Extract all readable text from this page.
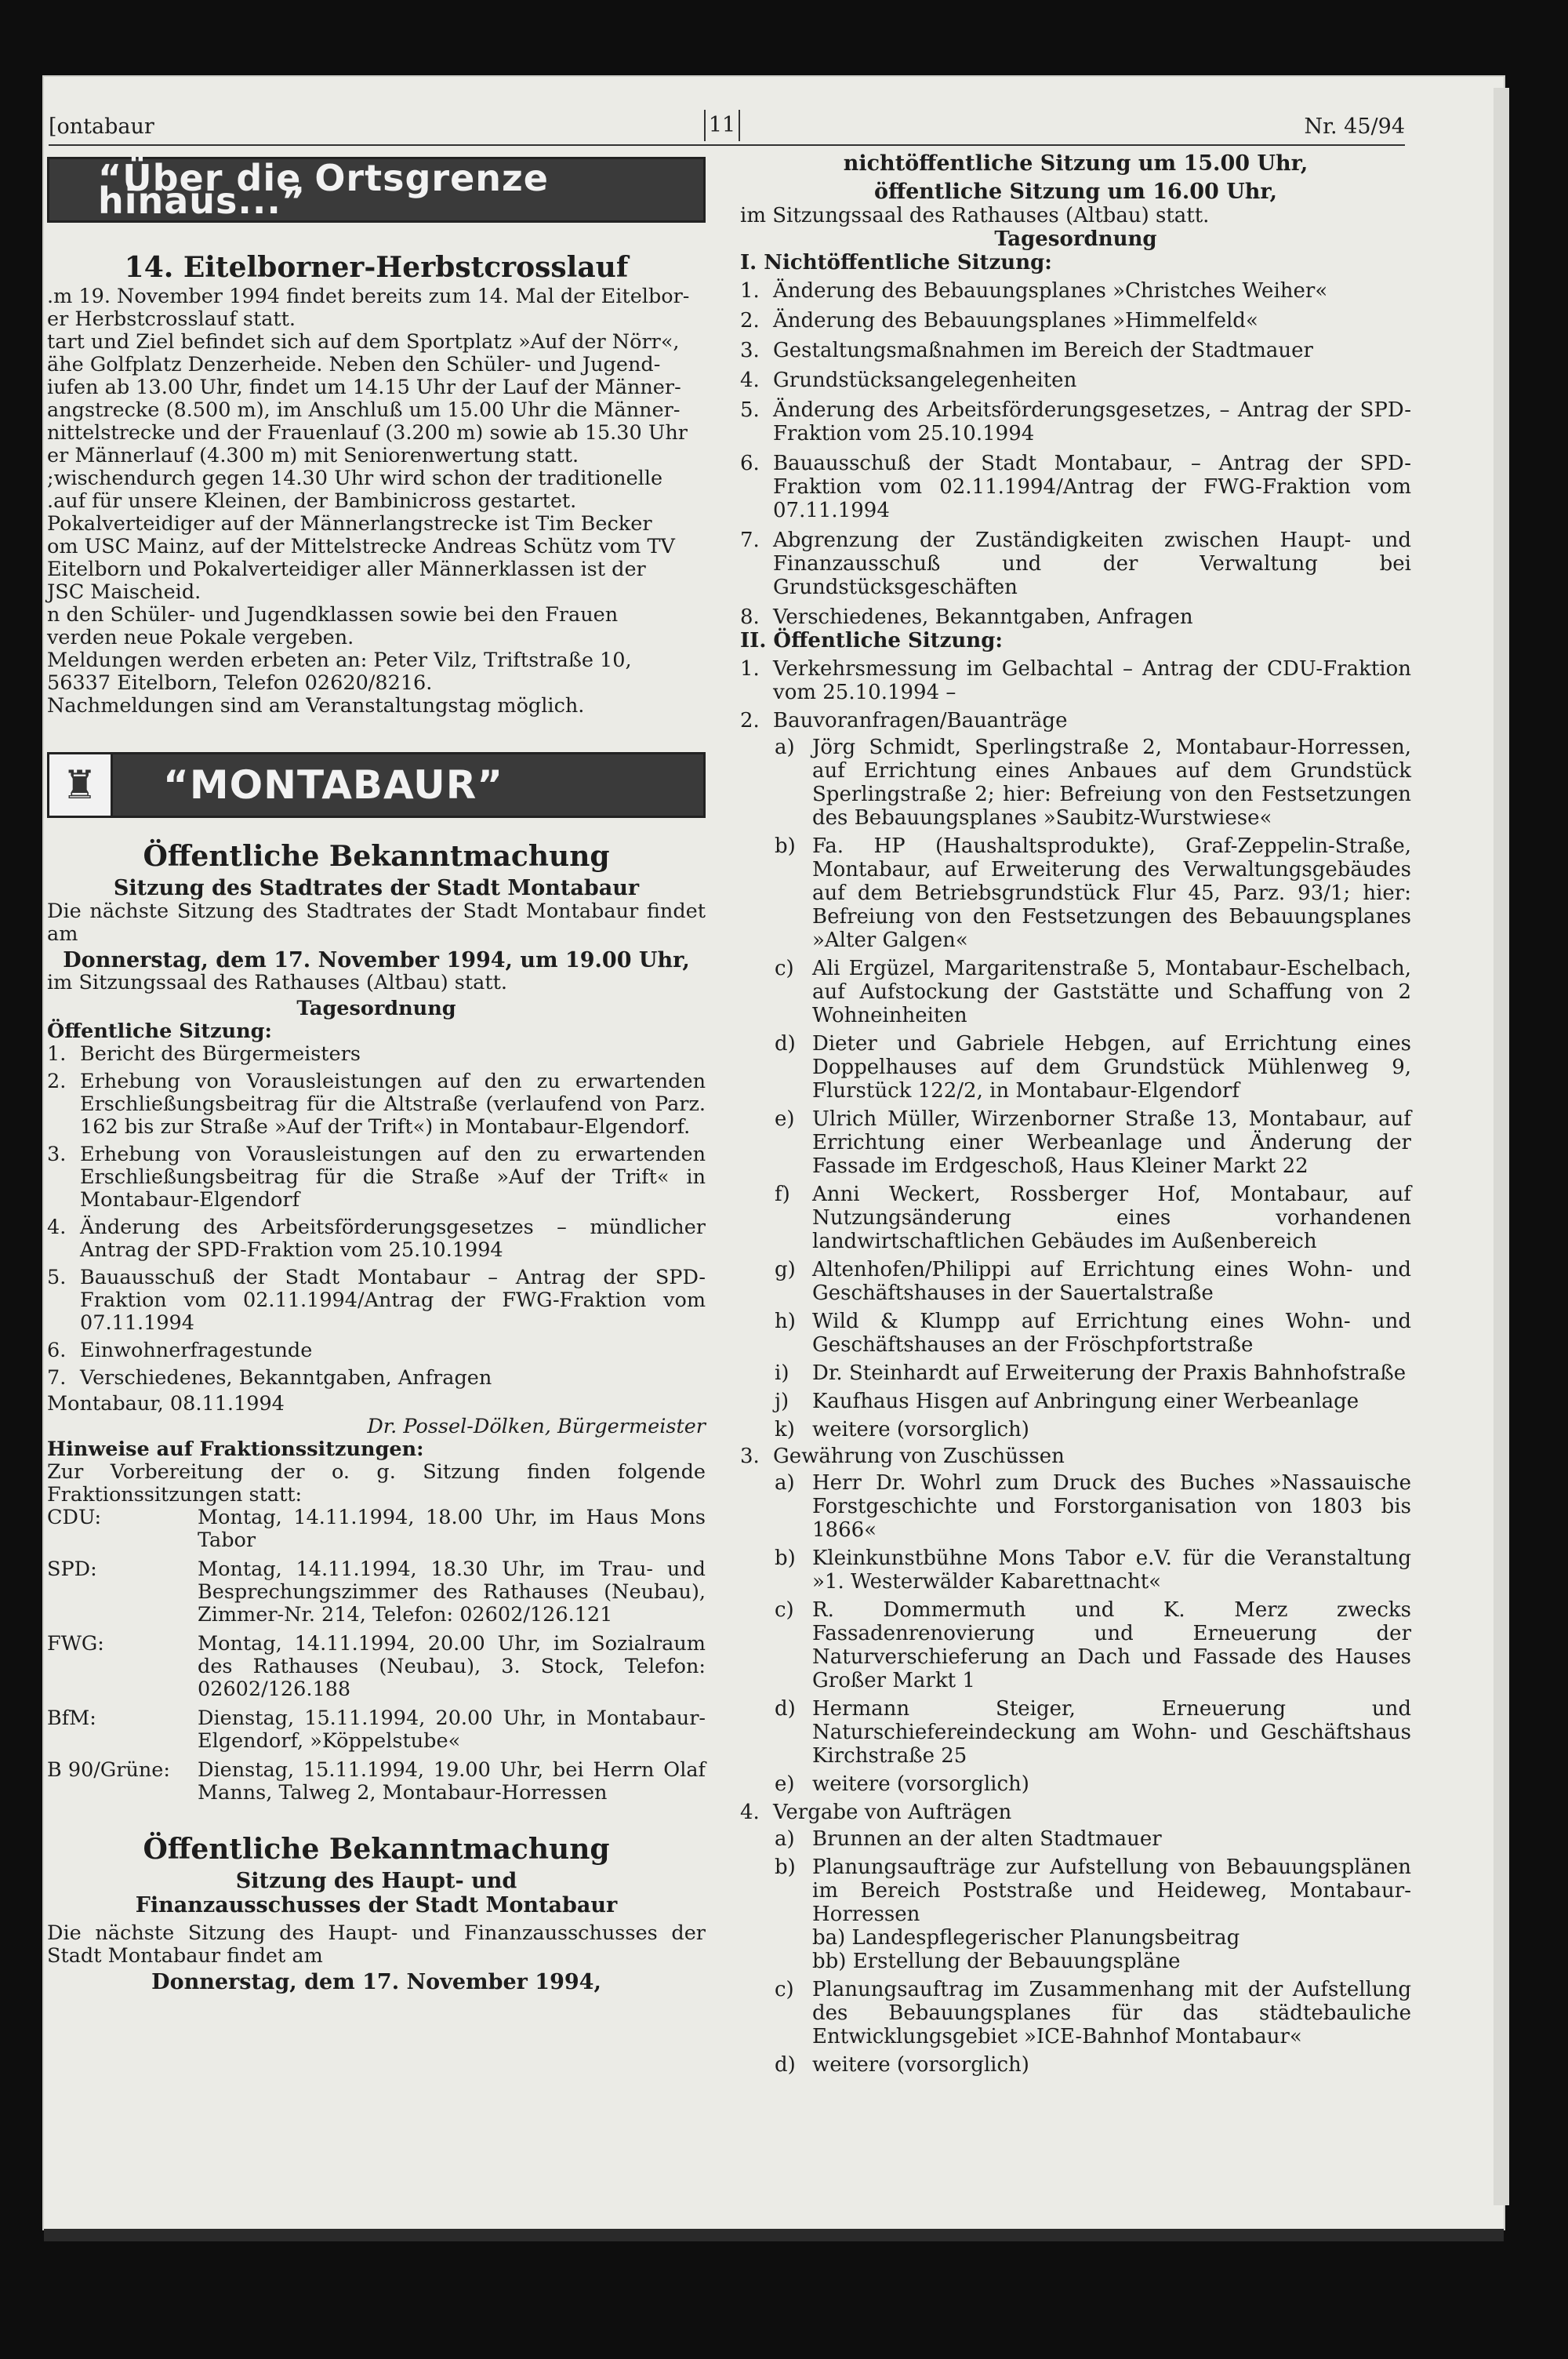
[ontabaur	11	Nr. 45/94
“Über die Ortsgrenze hinaus...”
14. Eitelborner-Herbstcrosslauf
.m 19. November 1994 findet bereits zum 14. Mal der Eitelbor-
er Herbstcrosslauf statt.
tart und Ziel befindet sich auf dem Sportplatz »Auf der Nörr«,
ähe Golfplatz Denzerheide. Neben den Schüler- und Jugend-
iufen ab 13.00 Uhr, findet um 14.15 Uhr der Lauf der Männer-
angstrecke (8.500 m), im Anschluß um 15.00 Uhr die Männer-
nittelstrecke und der Frauenlauf (3.200 m) sowie ab 15.30 Uhr
er Männerlauf (4.300 m) mit Seniorenwertung statt.
;wischendurch gegen 14.30 Uhr wird schon der traditionelle
.auf für unsere Kleinen, der Bambinicross gestartet.
Pokalverteidiger auf der Männerlangstrecke ist Tim Becker
om USC Mainz, auf der Mittelstrecke Andreas Schütz vom TV
Eitelborn und Pokalverteidiger aller Männerklassen ist der
JSC Maischeid.
n den Schüler- und Jugendklassen sowie bei den Frauen
verden neue Pokale vergeben.
Meldungen werden erbeten an: Peter Vilz, Triftstraße 10,
56337 Eitelborn, Telefon 02620/8216.
Nachmeldungen sind am Veranstaltungstag möglich.
♜	“MONTABAUR”
Öffentliche Bekanntmachung
Sitzung des Stadtrates der Stadt Montabaur

Die nächste Sitzung des Stadtrates der Stadt Montabaur findet am

Donnerstag, dem 17. November 1994, um 19.00 Uhr,

im Sitzungssaal des Rathauses (Altbau) statt.

Tagesordnung

Öffentliche Sitzung:

1. Bericht des Bürgermeisters
2. Erhebung von Vorausleistungen auf den zu erwartenden Erschließungsbeitrag für die Altstraße (verlaufend von Parz. 162 bis zur Straße »Auf der Trift«) in Montabaur-Elgendorf.
3. Erhebung von Vorausleistungen auf den zu erwartenden Erschließungsbeitrag für die Straße »Auf der Trift« in Montabaur-Elgendorf
4. Änderung des Arbeitsförderungsgesetzes – mündlicher Antrag der SPD-Fraktion vom 25.10.1994
5. Bauausschuß der Stadt Montabaur – Antrag der SPD-Fraktion vom 02.11.1994/Antrag der FWG-Fraktion vom 07.11.1994
6. Einwohnerfragestunde
7. Verschiedenes, Bekanntgaben, Anfragen

Montabaur, 08.11.1994

Dr. Possel-Dölken, Bürgermeister

Hinweise auf Fraktionssitzungen:

Zur Vorbereitung der o. g. Sitzung finden folgende Fraktionssitzungen statt:

CDU:	Montag, 14.11.1994, 18.00 Uhr, im Haus Mons Tabor
SPD:	Montag, 14.11.1994, 18.30 Uhr, im Trau- und Besprechungszimmer des Rathauses (Neubau), Zimmer-Nr. 214, Telefon: 02602/126.121
FWG:	Montag, 14.11.1994, 20.00 Uhr, im Sozialraum des Rathauses (Neubau), 3. Stock, Telefon: 02602/126.188
BfM:	Dienstag, 15.11.1994, 20.00 Uhr, in Montabaur-Elgendorf, »Köppelstube«
B 90/Grüne:	Dienstag, 15.11.1994, 19.00 Uhr, bei Herrn Olaf Manns, Talweg 2, Montabaur-Horressen
Öffentliche Bekanntmachung
Sitzung des Haupt- und Finanzausschusses der Stadt Montabaur

Die nächste Sitzung des Haupt- und Finanzausschusses der Stadt Montabaur findet am

Donnerstag, dem 17. November 1994,

nichtöffentliche Sitzung um 15.00 Uhr,

öffentliche Sitzung um 16.00 Uhr,

im Sitzungssaal des Rathauses (Altbau) statt.

Tagesordnung

I. Nichtöffentliche Sitzung:

1. Änderung des Bebauungsplanes »Christches Weiher«
2. Änderung des Bebauungsplanes »Himmelfeld«
3. Gestaltungsmaßnahmen im Bereich der Stadtmauer
4. Grundstücksangelegenheiten
5. Änderung des Arbeitsförderungsgesetzes, – Antrag der SPD-Fraktion vom 25.10.1994
6. Bauausschuß der Stadt Montabaur, – Antrag der SPD-Fraktion vom 02.11.1994/Antrag der FWG-Fraktion vom 07.11.1994
7. Abgrenzung der Zuständigkeiten zwischen Haupt- und Finanzausschuß und der Verwaltung bei Grundstücksgeschäften
8. Verschiedenes, Bekanntgaben, Anfragen

II. Öffentliche Sitzung:

1. Verkehrsmessung im Gelbachtal – Antrag der CDU-Fraktion vom 25.10.1994 –
2. Bauvoranfragen/Bauanträge
a) Jörg Schmidt, Sperlingstraße 2, Montabaur-Horressen, auf Errichtung eines Anbaues auf dem Grundstück Sperlingstraße 2; hier: Befreiung von den Festsetzungen des Bebauungsplanes »Saubitz-Wurstwiese«
b) Fa. HP (Haushaltsprodukte), Graf-Zeppelin-Straße, Montabaur, auf Erweiterung des Verwaltungsgebäudes auf dem Betriebsgrundstück Flur 45, Parz. 93/1; hier: Befreiung von den Festsetzungen des Bebauungsplanes »Alter Galgen«
c) Ali Ergüzel, Margaritenstraße 5, Montabaur-Eschelbach, auf Aufstockung der Gaststätte und Schaffung von 2 Wohneinheiten
d) Dieter und Gabriele Hebgen, auf Errichtung eines Doppelhauses auf dem Grundstück Mühlenweg 9, Flurstück 122/2, in Montabaur-Elgendorf
e) Ulrich Müller, Wirzenborner Straße 13, Montabaur, auf Errichtung einer Werbeanlage und Änderung der Fassade im Erdgeschoß, Haus Kleiner Markt 22
f)	Anni Weckert, Rossberger Hof, Montabaur, auf Nutzungsänderung eines vorhandenen landwirtschaftlichen Gebäudes im Außenbereich
g) Altenhofen/Philippi auf Errichtung eines Wohn- und Geschäftshauses in der Sauertalstraße
h) Wild & Klumpp auf Errichtung eines Wohn- und Geschäftshauses an der Fröschpfortstraße
i)	Dr. Steinhardt auf Erweiterung der Praxis Bahnhofstraße
j)	Kaufhaus Hisgen auf Anbringung einer Werbeanlage
k) weitere (vorsorglich)
3. Gewährung von Zuschüssen
a) Herr Dr. Wohrl zum Druck des Buches »Nassauische Forstgeschichte und Forstorganisation von 1803 bis 1866«
b) Kleinkunstbühne Mons Tabor e.V. für die Veranstaltung »1. Westerwälder Kabarettnacht«
c) R. Dommermuth und K. Merz zwecks Fassadenrenovierung und Erneuerung der Naturverschieferung an Dach und Fassade des Hauses Großer Markt 1
d) Hermann Steiger, Erneuerung und Naturschiefereindeckung am Wohn- und Geschäftshaus Kirchstraße 25
e) weitere (vorsorglich)
4. Vergabe von Aufträgen
a) Brunnen an der alten Stadtmauer
b) Planungsaufträge zur Aufstellung von Bebauungsplänen im Bereich Poststraße und Heideweg, Montabaur-Horressen
ba) Landespflegerischer Planungsbeitrag
bb) Erstellung der Bebauungspläne
c) Planungsauftrag im Zusammenhang mit der Aufstellung des Bebauungsplanes für das städtebauliche Entwicklungsgebiet »ICE-Bahnhof Montabaur«
d) weitere (vorsorglich)
